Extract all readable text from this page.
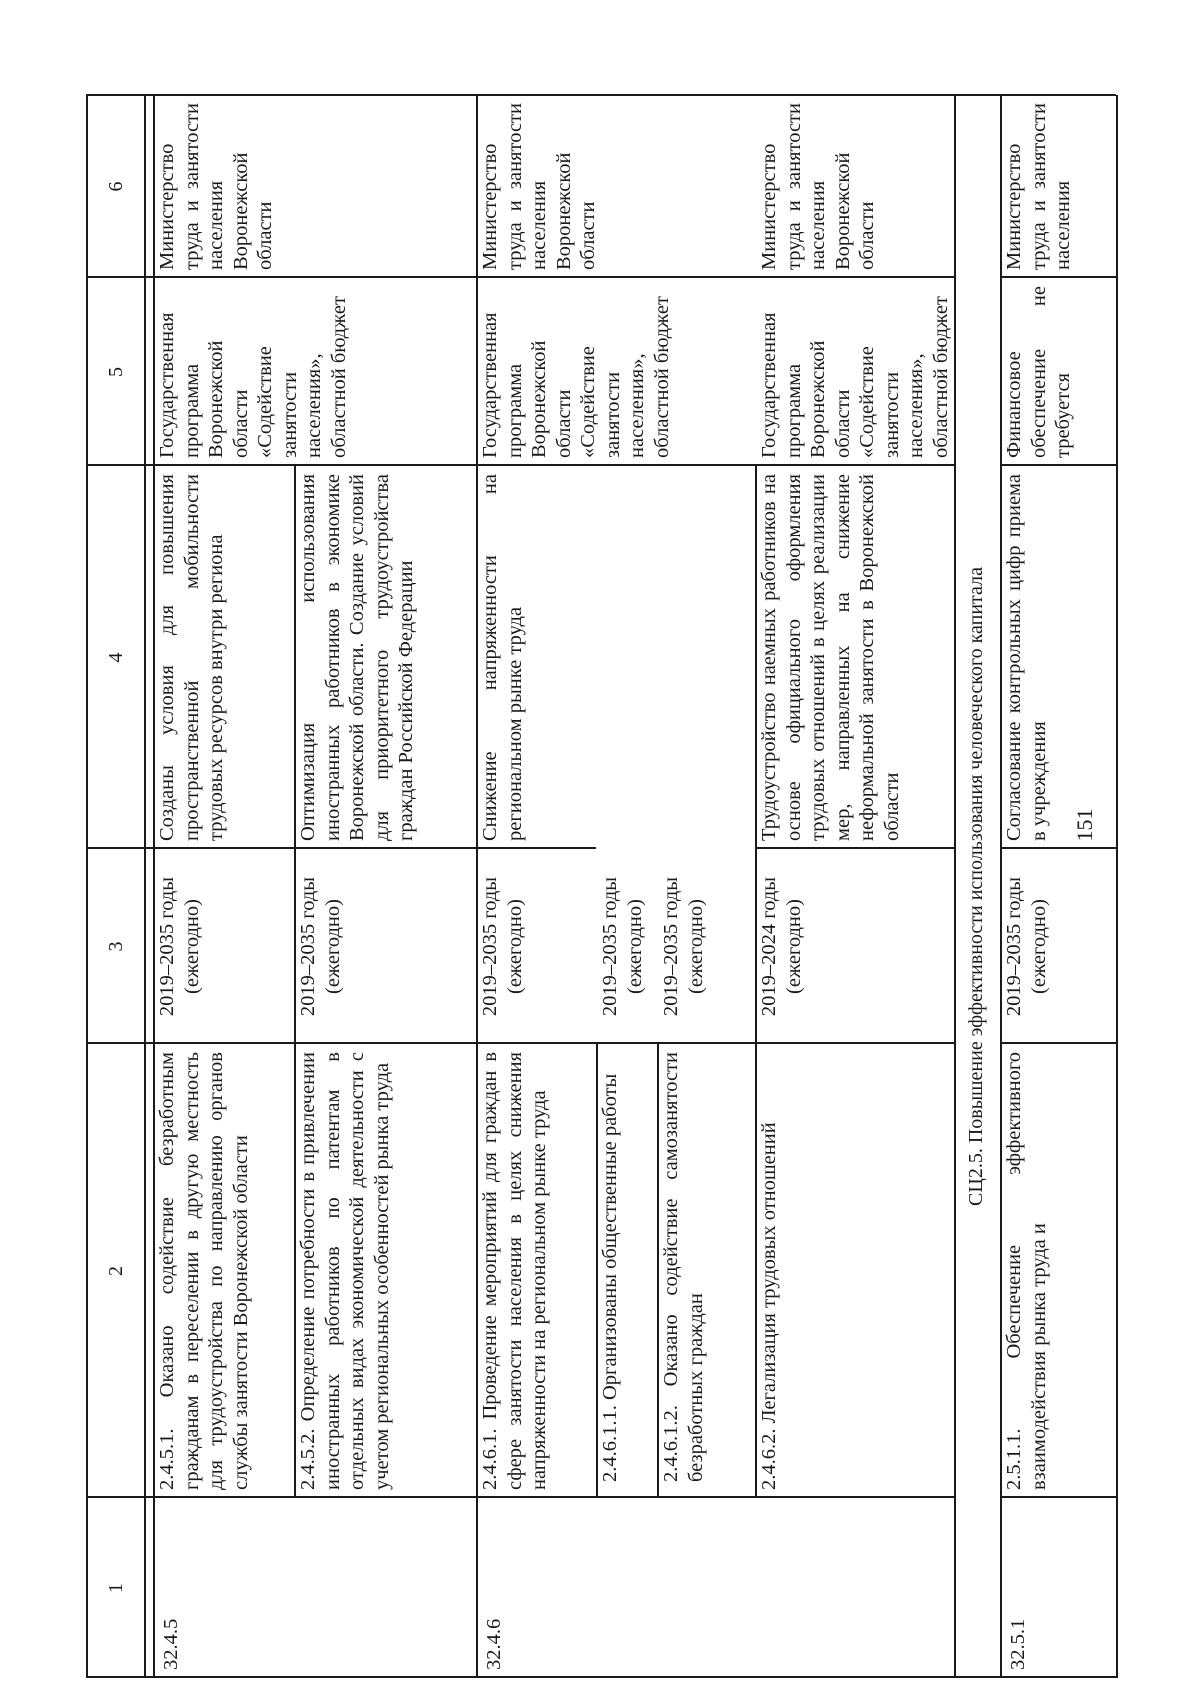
151
1
2
3
4
5
6
32.4.5
2.4.5.1. Оказано содействие безработным гражданам в переселении в другую местность для трудоустройства по направлению органов службы занятости Воронежской области
2019–2035 годы (ежегодно)
Созданы условия для повышения пространственной мобильности трудовых ресурсов внутри региона
2.4.5.2. Определение потребности в привлечении иностранных работников по патентам в отдельных видах экономической деятельности с учетом региональных особенностей рынка труда
2019–2035 годы (ежегодно)
Оптимизация использования иностранных работников в экономике Воронежской области. Создание условий для приоритетного трудоустройства граждан Российской Федерации
Государственная программа Воронежской области «Содействие занятости населения», областной бюджет
Министерство труда и занятости населения Воронежской области
32.4.6
2.4.6.1. Проведение мероприятий для граждан в сфере занятости населения в целях снижения напряженности на региональном рынке труда
2019–2035 годы (ежегодно)
2.4.6.1.1. Организованы общественные работы
2019–2035 годы (ежегодно)
2.4.6.1.2. Оказано содействие самозанятости безработных граждан
2019–2035 годы (ежегодно)
Снижение напряженности на региональном рынке труда
2.4.6.2. Легализация трудовых отношений
2019–2024 годы (ежегодно)
Трудоустройство наемных работников на основе официального оформления трудовых отношений в целях реализации мер, направленных на снижение неформальной занятости в Воронежской области
Государственная программа Воронежской области «Содействие занятости населения», областной бюджет
Министерство труда и занятости населения Воронежской области
Государственная программа Воронежской области «Содействие занятости населения», областной бюджет
Министерство труда и занятости населения Воронежской области
СЦ2.5. Повышение эффективности использования человеческого капитала
32.5.1
2.5.1.1. Обеспечение эффективного взаимодействия рынка труда и
2019–2035 годы (ежегодно)
Согласование контрольных цифр приема в учреждения
Финансовое обеспечение не требуется
Министерство труда и занятости населения
